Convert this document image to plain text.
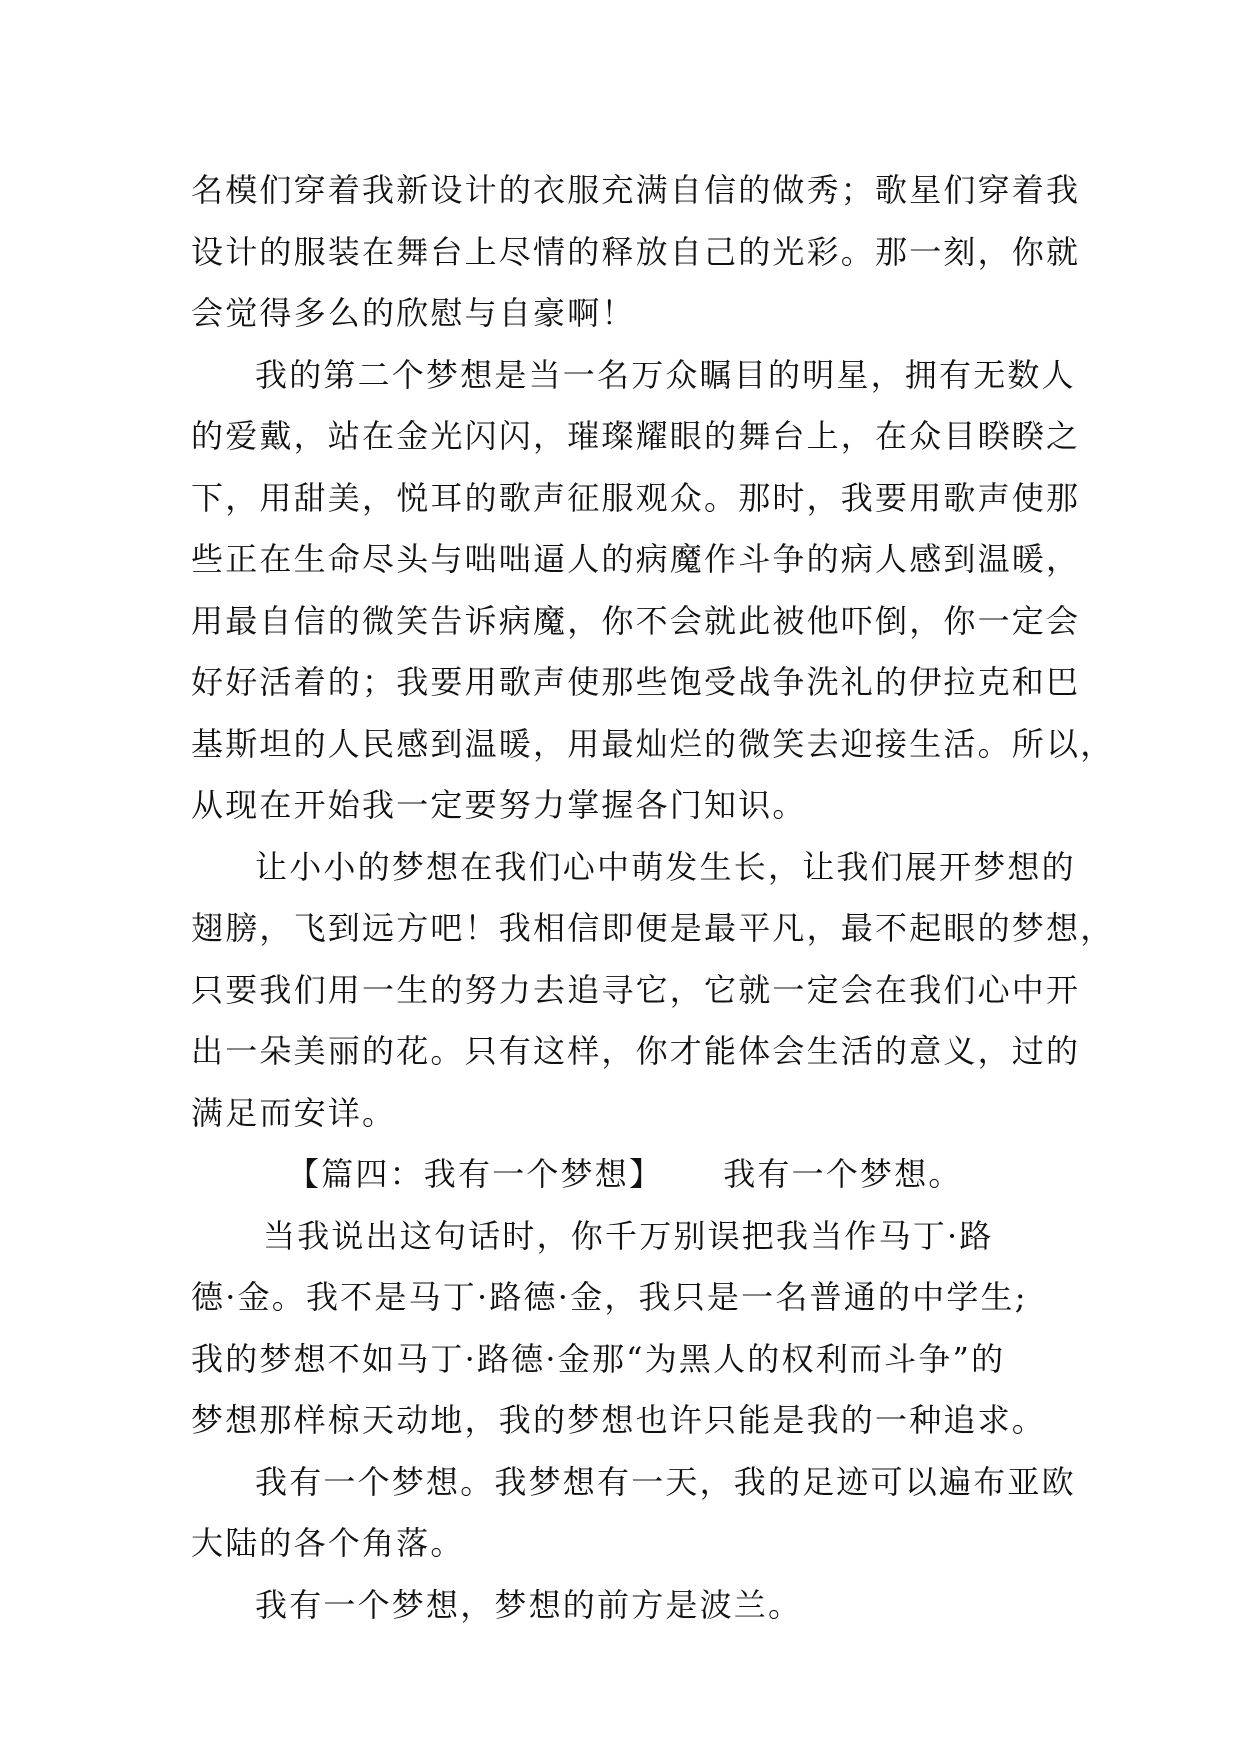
名模们穿着我新设计的衣服充满自信的做秀；歌星们穿着我
设计的服装在舞台上尽情的释放自己的光彩。那一刻，你就
会觉得多么的欣慰与自豪啊！
我的第二个梦想是当一名万众瞩目的明星，拥有无数人
的爱戴，站在金光闪闪，璀璨耀眼的舞台上，在众目睽睽之
下，用甜美，悦耳的歌声征服观众。那时，我要用歌声使那
些正在生命尽头与咄咄逼人的病魔作斗争的病人感到温暖，
用最自信的微笑告诉病魔，你不会就此被他吓倒，你一定会
好好活着的；我要用歌声使那些饱受战争洗礼的伊拉克和巴
基斯坦的人民感到温暖，用最灿烂的微笑去迎接生活。所以，
从现在开始我一定要努力掌握各门知识。
让小小的梦想在我们心中萌发生长，让我们展开梦想的
翅膀，飞到远方吧！我相信即便是最平凡，最不起眼的梦想，
只要我们用一生的努力去追寻它，它就一定会在我们心中开
出一朵美丽的花。只有这样，你才能体会生活的意义，过的
满足而安详。
【篇四：我有一个梦想】 我有一个梦想。
当我说出这句话时，你千万别误把我当作马丁·路
德·金。我不是马丁·路德·金，我只是一名普通的中学生;
我的梦想不如马丁·路德·金那“为黑人的权利而斗争”的
梦想那样椋天动地，我的梦想也许只能是我的一种追求。
我有一个梦想。我梦想有一天，我的足迹可以遍布亚欧
大陆的各个角落。
我有一个梦想，梦想的前方是波兰。
